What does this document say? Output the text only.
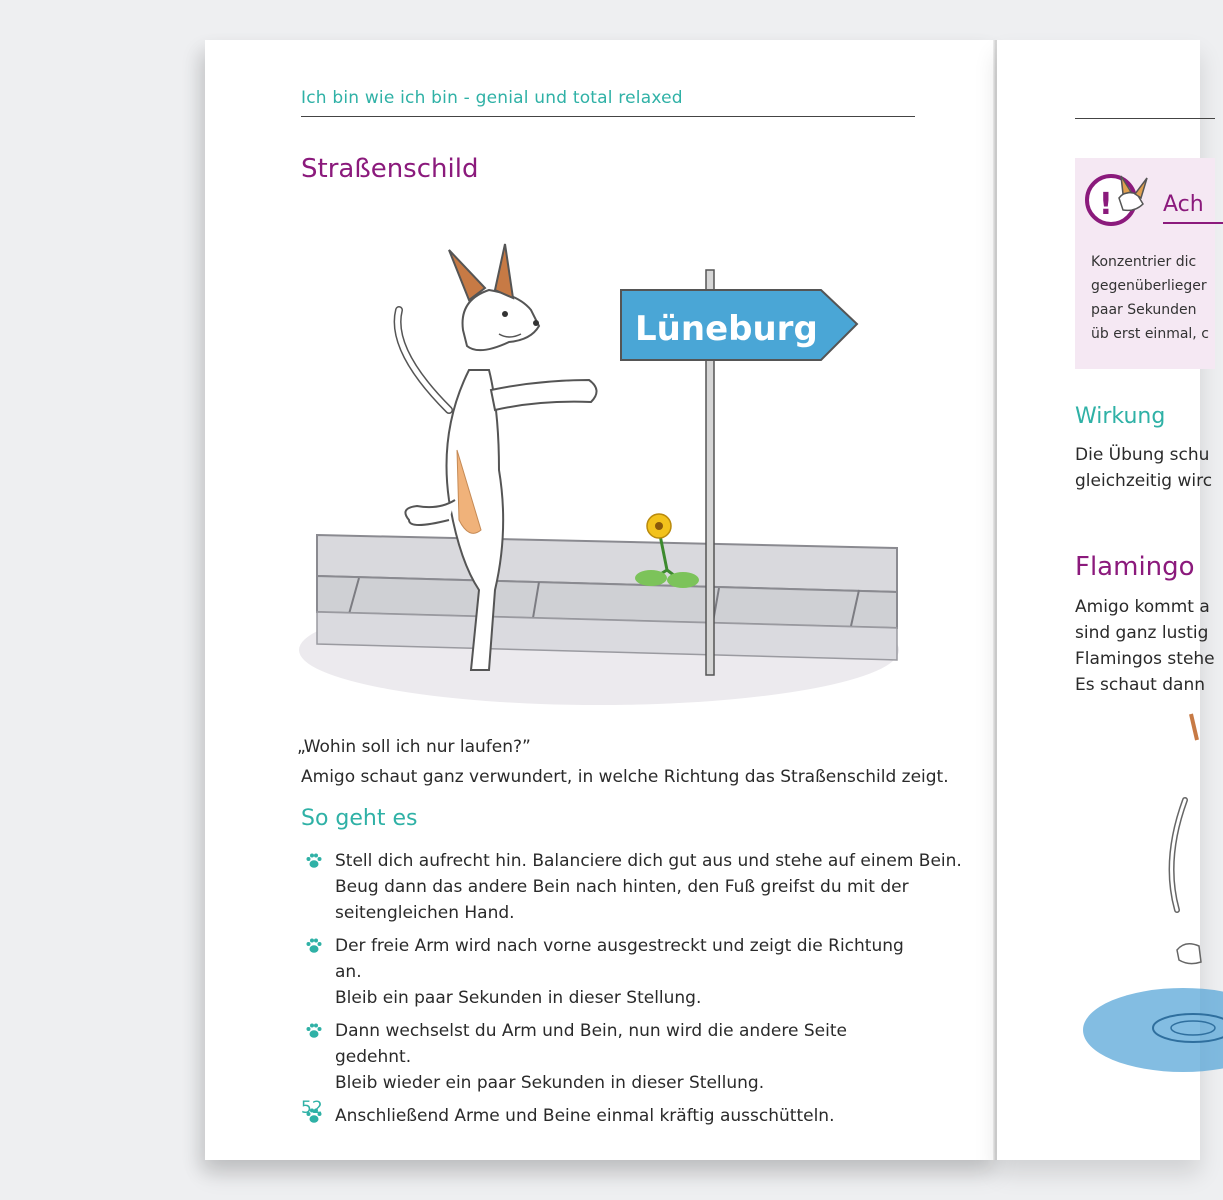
Ich bin wie ich bin - genial und total relaxed
Straßenschild
Lüneburg
„Wohin soll ich nur laufen?”
Amigo schaut ganz verwundert, in welche Richtung das Straßenschild zeigt.
So geht es
Stell dich aufrecht hin. Balanciere dich gut aus und stehe auf einem Bein.
Beug dann das andere Bein nach hinten, den Fuß greifst du mit der
seitengleichen Hand.
Der freie Arm wird nach vorne ausgestreckt und zeigt die Richtung an.
Bleib ein paar Sekunden in dieser Stellung.
Dann wechselst du Arm und Bein, nun wird die andere Seite gedehnt.
Bleib wieder ein paar Sekunden in dieser Stellung.
Anschließend Arme und Beine einmal kräftig ausschütteln.
52
! Ach
Konzentrier dic
gegenüberlieger
paar Sekunden
üb erst einmal, c
Wirkung
Die Übung schu
gleichzeitig wirc
Flamingo
Amigo kommt a
sind ganz lustig
Flamingos stehe
Es schaut dann
